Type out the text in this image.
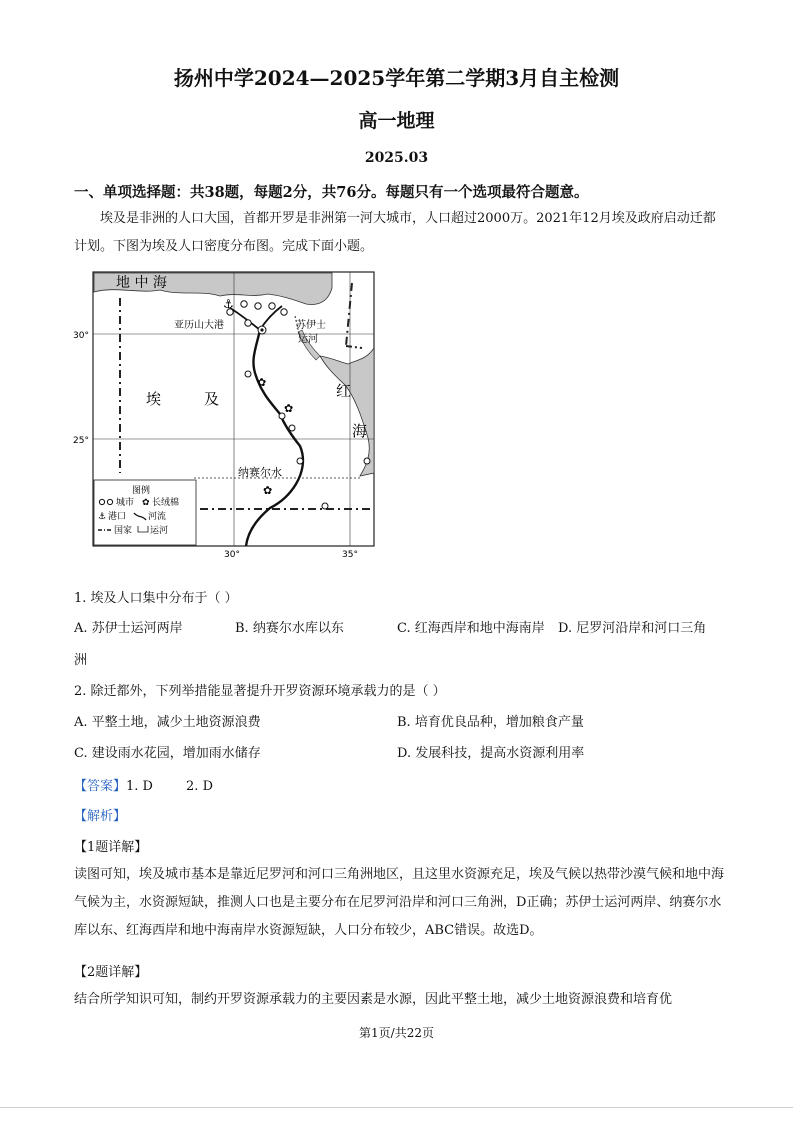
扬州中学2024—2025学年第二学期3月自主检测
高一地理
2025.03
一、单项选择题：共38题，每题2分，共76分。每题只有一个选项最符合题意。
埃及是非洲的人口大国，首都开罗是非洲第一河大城市，人口超过2000万。2021年12月埃及政府启动迁都计划。下图为埃及人口密度分布图。完成下面小题。
⚓
✿
✿
✿
地 中 海
埃	及	红
海
亚历山大港	苏伊士
运河
纳赛尔水
30°
25°
30°	35°
图例
城市 ✿ 长绒棉
⚓ 港口 河流
国家 运河
1. 埃及人口集中分布于（ ）
A. 苏伊士运河两岸	B. 纳赛尔水库以东	C. 红海西岸和地中海南岸 D. 尼罗河沿岸和河口三角
洲
2. 除迁都外，下列举措能显著提升开罗资源环境承载力的是（ ）
A. 平整土地，减少土地资源浪费	B. 培育优良品种，增加粮食产量
C. 建设雨水花园，增加雨水储存	D. 发展科技，提高水资源利用率
【答案】1. D        2. D
【解析】
【1题详解】
读图可知，埃及城市基本是靠近尼罗河和河口三角洲地区，且这里水资源充足，埃及气候以热带沙漠气候和地中海气候为主，水资源短缺，推测人口也是主要分布在尼罗河沿岸和河口三角洲，D正确；苏伊士运河两岸、纳赛尔水库以东、红海西岸和地中海南岸水资源短缺，人口分布较少，ABC错误。故选D。
【2题详解】
结合所学知识可知，制约开罗资源承载力的主要因素是水源，因此平整土地，减少土地资源浪费和培育优
第1页/共22页
